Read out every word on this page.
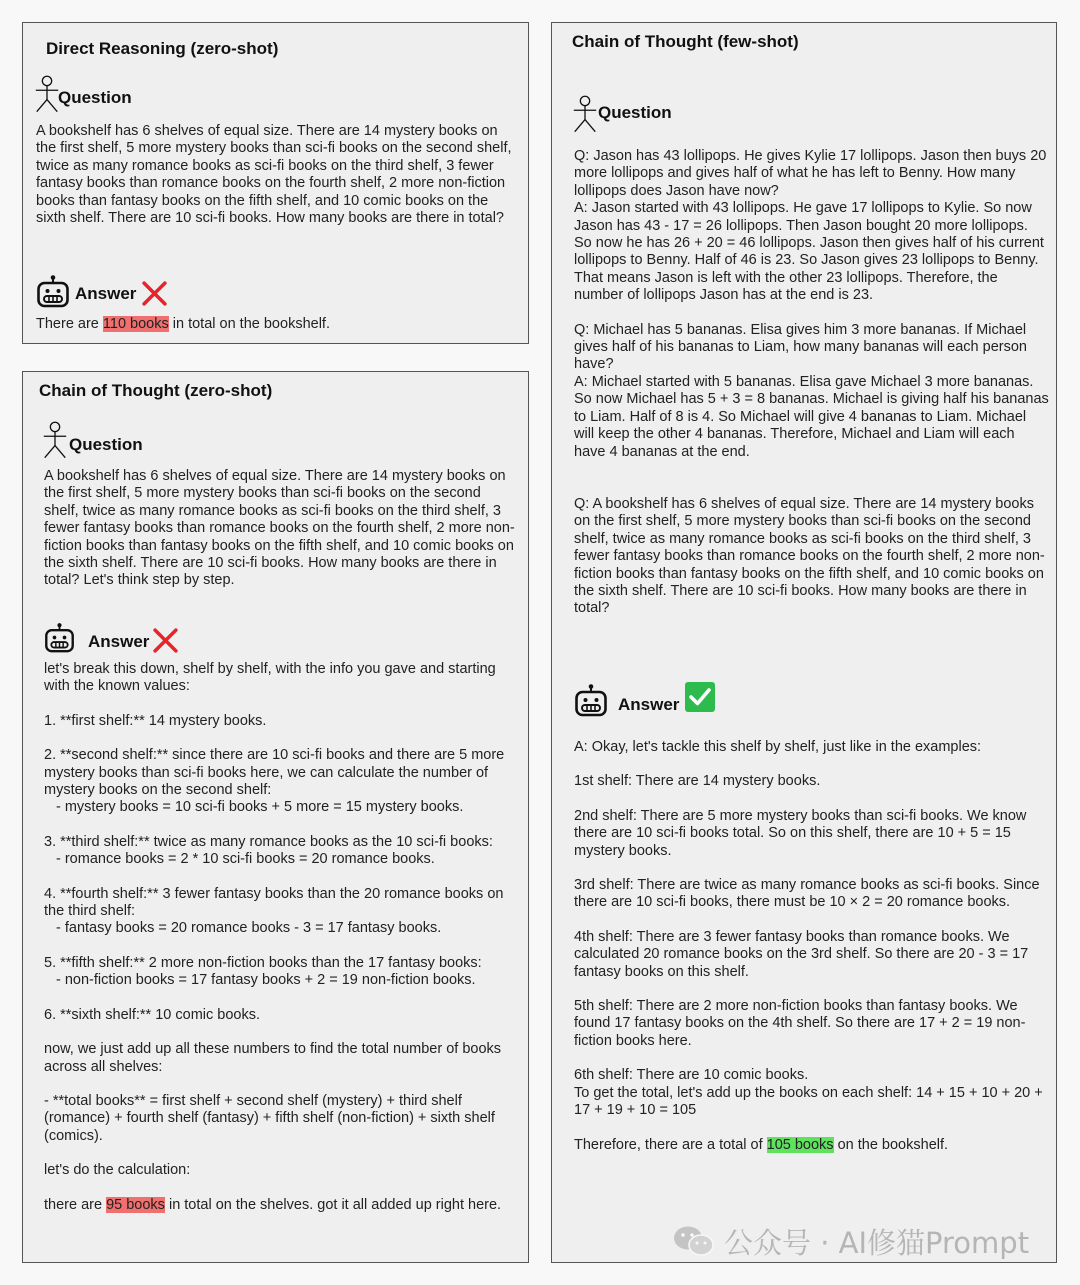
Direct Reasoning (zero-shot)
Question
A bookshelf has 6 shelves of equal size. There are 14 mystery books on the first shelf, 5 more mystery books than sci-fi books on the second shelf, twice as many romance books as sci-fi books on the third shelf, 3 fewer fantasy books than romance books on the fourth shelf, 2 more non-fiction books than fantasy books on the fifth shelf, and 10 comic books on the sixth shelf. There are 10 sci-fi books. How many books are there in total?
Answer
There are 110 books in total on the bookshelf.
Chain of Thought (zero-shot)
Question
A bookshelf has 6 shelves of equal size. There are 14 mystery books on the first shelf, 5 more mystery books than sci-fi books on the second shelf, twice as many romance books as sci-fi books on the third shelf, 3 fewer fantasy books than romance books on the fourth shelf, 2 more non-fiction books than fantasy books on the fifth shelf, and 10 comic books on the sixth shelf. There are 10 sci-fi books. How many books are there in total? Let's think step by step.
Answer

let's break this down, shelf by shelf, with the info you gave and starting with the known values:

1. **first shelf:** 14 mystery books.

2. **second shelf:** since there are 10 sci-fi books and there are 5 more mystery books than sci-fi books here, we can calculate the number of mystery books on the second shelf:

- mystery books = 10 sci-fi books + 5 more = 15 mystery books.

3. **third shelf:** twice as many romance books as the 10 sci-fi books:

- romance books = 2 * 10 sci-fi books = 20 romance books.

4. **fourth shelf:** 3 fewer fantasy books than the 20 romance books on the third shelf:

- fantasy books = 20 romance books - 3 = 17 fantasy books.

5. **fifth shelf:** 2 more non-fiction books than the 17 fantasy books:

- non-fiction books = 17 fantasy books + 2 = 19 non-fiction books.

6. **sixth shelf:** 10 comic books.

now, we just add up all these numbers to find the total number of books across all shelves:

- **total books** = first shelf + second shelf (mystery) + third shelf (romance) + fourth shelf (fantasy) + fifth shelf (non-fiction) + sixth shelf (comics).

let's do the calculation:

there are 95 books in total on the shelves. got it all added up right here.

Chain of Thought (few-shot)
Question

Q: Jason has 43 lollipops. He gives Kylie 17 lollipops. Jason then buys 20 more lollipops and gives half of what he has left to Benny. How many lollipops does Jason have now?

A: Jason started with 43 lollipops. He gave 17 lollipops to Kylie. So now Jason has 43 - 17 = 26 lollipops. Then Jason bought 20 more lollipops. So now he has 26 + 20 = 46 lollipops. Jason then gives half of his current lollipops to Benny. Half of 46 is 23. So Jason gives 23 lollipops to Benny. That means Jason is left with the other 23 lollipops. Therefore, the number of lollipops Jason has at the end is 23.

Q: Michael has 5 bananas. Elisa gives him 3 more bananas. If Michael gives half of his bananas to Liam, how many bananas will each person have?

A: Michael started with 5 bananas. Elisa gave Michael 3 more bananas. So now Michael has 5 + 3 = 8 bananas. Michael is giving half his bananas to Liam. Half of 8 is 4. So Michael will give 4 bananas to Liam. Michael will keep the other 4 bananas. Therefore, Michael and Liam will each have 4 bananas at the end.

Q: A bookshelf has 6 shelves of equal size. There are 14 mystery books on the first shelf, 5 more mystery books than sci-fi books on the second shelf, twice as many romance books as sci-fi books on the third shelf, 3 fewer fantasy books than romance books on the fourth shelf, 2 more non-fiction books than fantasy books on the fifth shelf, and 10 comic books on the sixth shelf. There are 10 sci-fi books. How many books are there in total?

Answer

A: Okay, let's tackle this shelf by shelf, just like in the examples:

1st shelf: There are 14 mystery books.

2nd shelf: There are 5 more mystery books than sci-fi books. We know there are 10 sci-fi books total. So on this shelf, there are 10 + 5 = 15 mystery books.

3rd shelf: There are twice as many romance books as sci-fi books. Since there are 10 sci-fi books, there must be 10 × 2 = 20 romance books.

4th shelf: There are 3 fewer fantasy books than romance books. We calculated 20 romance books on the 3rd shelf. So there are 20 - 3 = 17 fantasy books on this shelf.

5th shelf: There are 2 more non-fiction books than fantasy books. We found 17 fantasy books on the 4th shelf. So there are 17 + 2 = 19 non-fiction books here.

6th shelf: There are 10 comic books.

To get the total, let's add up the books on each shelf: 14 + 15 + 10 + 20 + 17 + 19 + 10 = 105

Therefore, there are a total of 105 books on the bookshelf.

公众号 · AI修猫Prompt
